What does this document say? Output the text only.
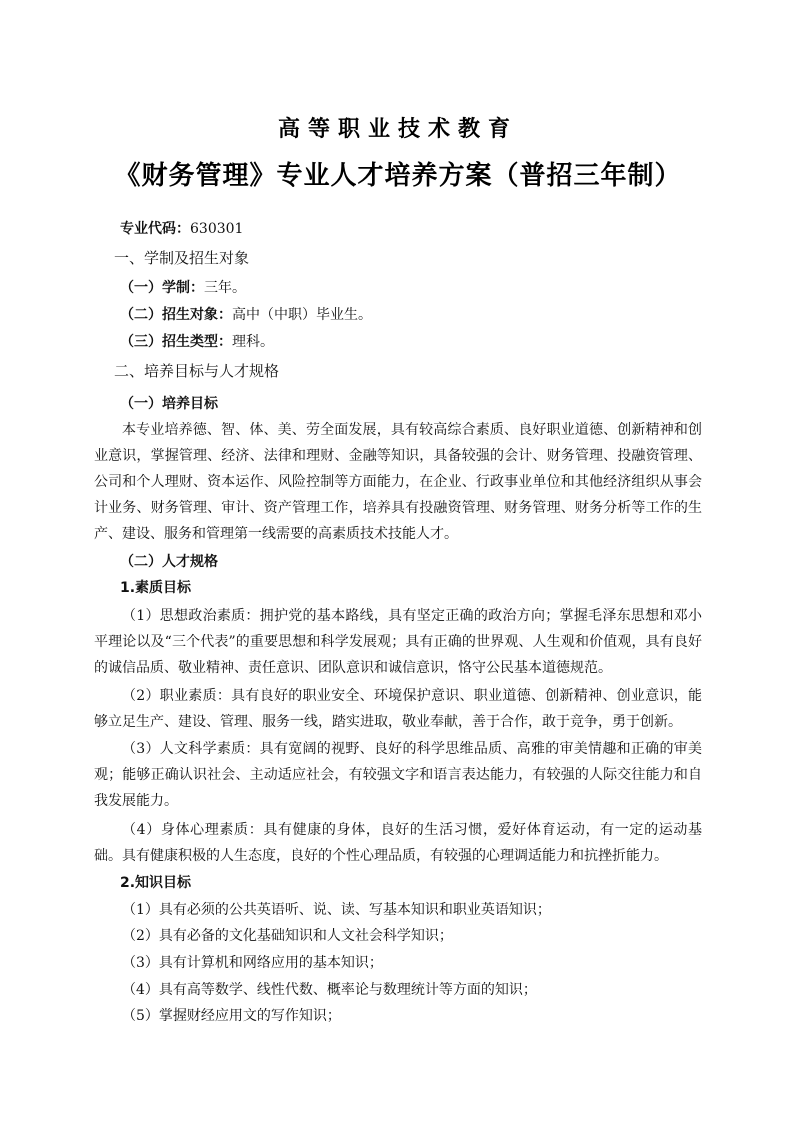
高等职业技术教育
《财务管理》专业人才培养方案（普招三年制）
专业代码：630301
一、学制及招生对象
（一）学制：三年。
（二）招生对象：高中（中职）毕业生。
（三）招生类型：理科。
二、培养目标与人才规格
（一）培养目标
本专业培养德、智、体、美、劳全面发展，具有较高综合素质、良好职业道德、创新精神和创业意识，掌握管理、经济、法律和理财、金融等知识，具备较强的会计、财务管理、投融资管理、公司和个人理财、资本运作、风险控制等方面能力，在企业、行政事业单位和其他经济组织从事会计业务、财务管理、审计、资产管理工作，培养具有投融资管理、财务管理、财务分析等工作的生产、建设、服务和管理第一线需要的高素质技术技能人才。
（二）人才规格
1.素质目标
（1）思想政治素质：拥护党的基本路线，具有坚定正确的政治方向；掌握毛泽东思想和邓小平理论以及“三个代表”的重要思想和科学发展观；具有正确的世界观、人生观和价值观，具有良好的诚信品质、敬业精神、责任意识、团队意识和诚信意识，恪守公民基本道德规范。
（2）职业素质：具有良好的职业安全、环境保护意识、职业道德、创新精神、创业意识，能够立足生产、建设、管理、服务一线，踏实进取，敬业奉献，善于合作，敢于竞争，勇于创新。
（3）人文科学素质：具有宽阔的视野、良好的科学思维品质、高雅的审美情趣和正确的审美观；能够正确认识社会、主动适应社会，有较强文字和语言表达能力，有较强的人际交往能力和自我发展能力。
（4）身体心理素质：具有健康的身体，良好的生活习惯，爱好体育运动，有一定的运动基础。具有健康积极的人生态度，良好的个性心理品质，有较强的心理调适能力和抗挫折能力。
2.知识目标
（1）具有必须的公共英语听、说、读、写基本知识和职业英语知识；
（2）具有必备的文化基础知识和人文社会科学知识；
（3）具有计算机和网络应用的基本知识；
（4）具有高等数学、线性代数、概率论与数理统计等方面的知识；
（5）掌握财经应用文的写作知识；
